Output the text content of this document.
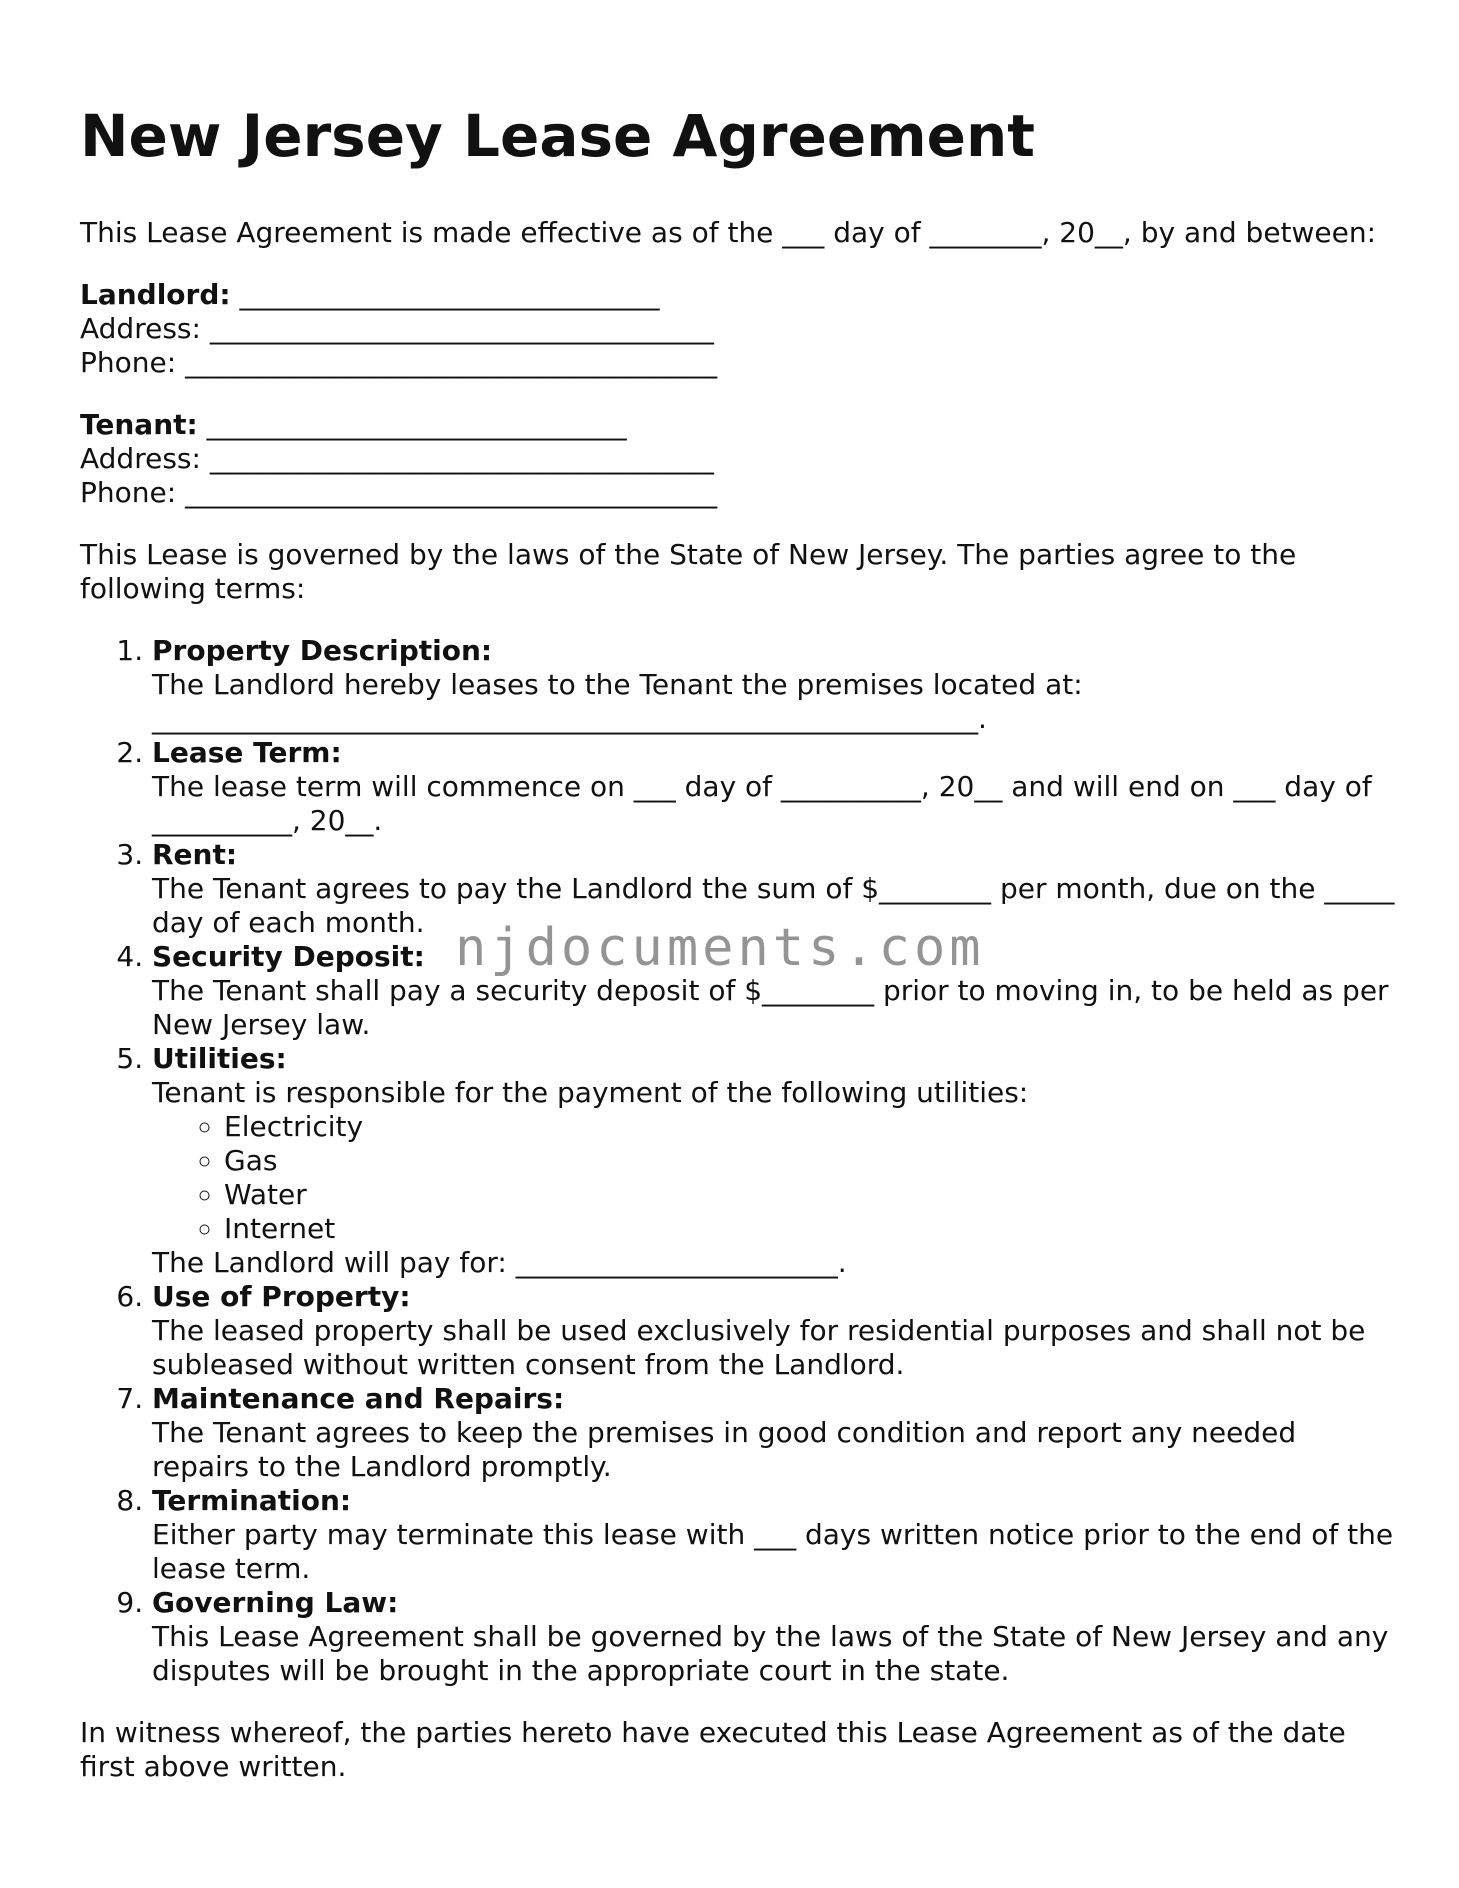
New Jersey Lease Agreement

This Lease Agreement is made effective as of the ___ day of ________, 20__, by and between:

Landlord: ______________________________
Address: ____________________________________
Phone: ______________________________________
Tenant: ______________________________
Address: ____________________________________
Phone: ______________________________________

This Lease is governed by the laws of the State of New Jersey. The parties agree to the following terms:

1. Property Description:
The Landlord hereby leases to the Tenant the premises located at: ___________________________________________________________.
2. Lease Term:
The lease term will commence on ___ day of __________, 20__ and will end on ___ day of __________, 20__.
3. Rent:
The Tenant agrees to pay the Landlord the sum of $________ per month, due on the _____ day of each month.
4. Security Deposit:
The Tenant shall pay a security deposit of $________ prior to moving in, to be held as per New Jersey law.
5. Utilities:
Tenant is responsible for the payment of the following utilities:
◦ Electricity
◦ Gas
◦ Water
◦ Internet
The Landlord will pay for: _______________________.
6. Use of Property:
The leased property shall be used exclusively for residential purposes and shall not be subleased without written consent from the Landlord.
7. Maintenance and Repairs:
The Tenant agrees to keep the premises in good condition and report any needed repairs to the Landlord promptly.
8. Termination:
Either party may terminate this lease with ___ days written notice prior to the end of the lease term.
9. Governing Law:
This Lease Agreement shall be governed by the laws of the State of New Jersey and any disputes will be brought in the appropriate court in the state.

In witness whereof, the parties hereto have executed this Lease Agreement as of the date first above written.

njdocuments.com
